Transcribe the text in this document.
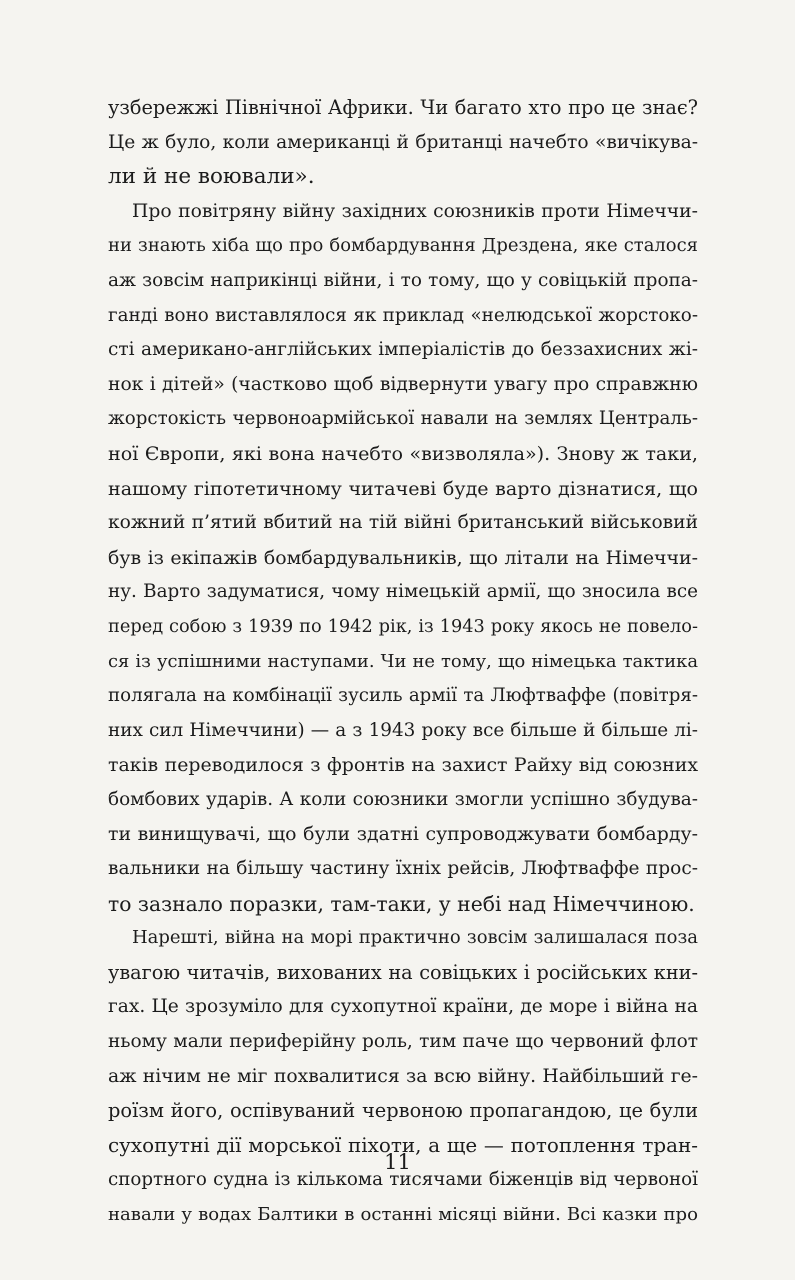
узбережжі Північної Африки. Чи багато хто про це знає?
Це ж було, коли американці й британці начебто «вичікува-
ли й не воювали».
Про повітряну війну західних союзників проти Німеччи-
ни знають хіба що про бомбардування Дрездена, яке сталося
аж зовсім наприкінці війни, і то тому, що у совіцькій пропа-
ганді воно виставлялося як приклад «нелюдської жорстоко-
сті американо-англійських імперіалістів до беззахисних жі-
нок і дітей» (частково щоб відвернути увагу про справжню
жорстокість червоноармійської навали на землях Централь-
ної Європи, які вона начебто «визволяла»). Знову ж таки,
нашому гіпотетичному читачеві буде варто дізнатися, що
кожний п’ятий вбитий на тій війні британський військовий
був із екіпажів бомбардувальників, що літали на Німеччи-
ну. Варто задуматися, чому німецькій армії, що зносила все
перед собою з 1939 по 1942 рік, із 1943 року якось не повело-
ся із успішними наступами. Чи не тому, що німецька тактика
полягала на комбінації зусиль армії та Люфтваффе (повітря-
них сил Німеччини) — а з 1943 року все більше й більше лі-
таків переводилося з фронтів на захист Райху від союзних
бомбових ударів. А коли союзники змогли успішно збудува-
ти винищувачі, що були здатні супроводжувати бомбарду-
вальники на більшу частину їхніх рейсів, Люфтваффе прос-
то зазнало поразки, там-таки, у небі над Німеччиною.
Нарешті, війна на морі практично зовсім залишалася поза
увагою читачів, вихованих на совіцьких і російських кни-
гах. Це зрозуміло для сухопутної країни, де море і війна на
ньому мали периферійну роль, тим паче що червоний флот
аж нічим не міг похвалитися за всю війну. Найбільший ге-
роїзм його, оспівуваний червоною пропагандою, це були
сухопутні дії морської піхоти, а ще — потоплення тран-
спортного судна із кількома тисячами біженців від червоної
навали у водах Балтики в останні місяці війни. Всі казки про
11
